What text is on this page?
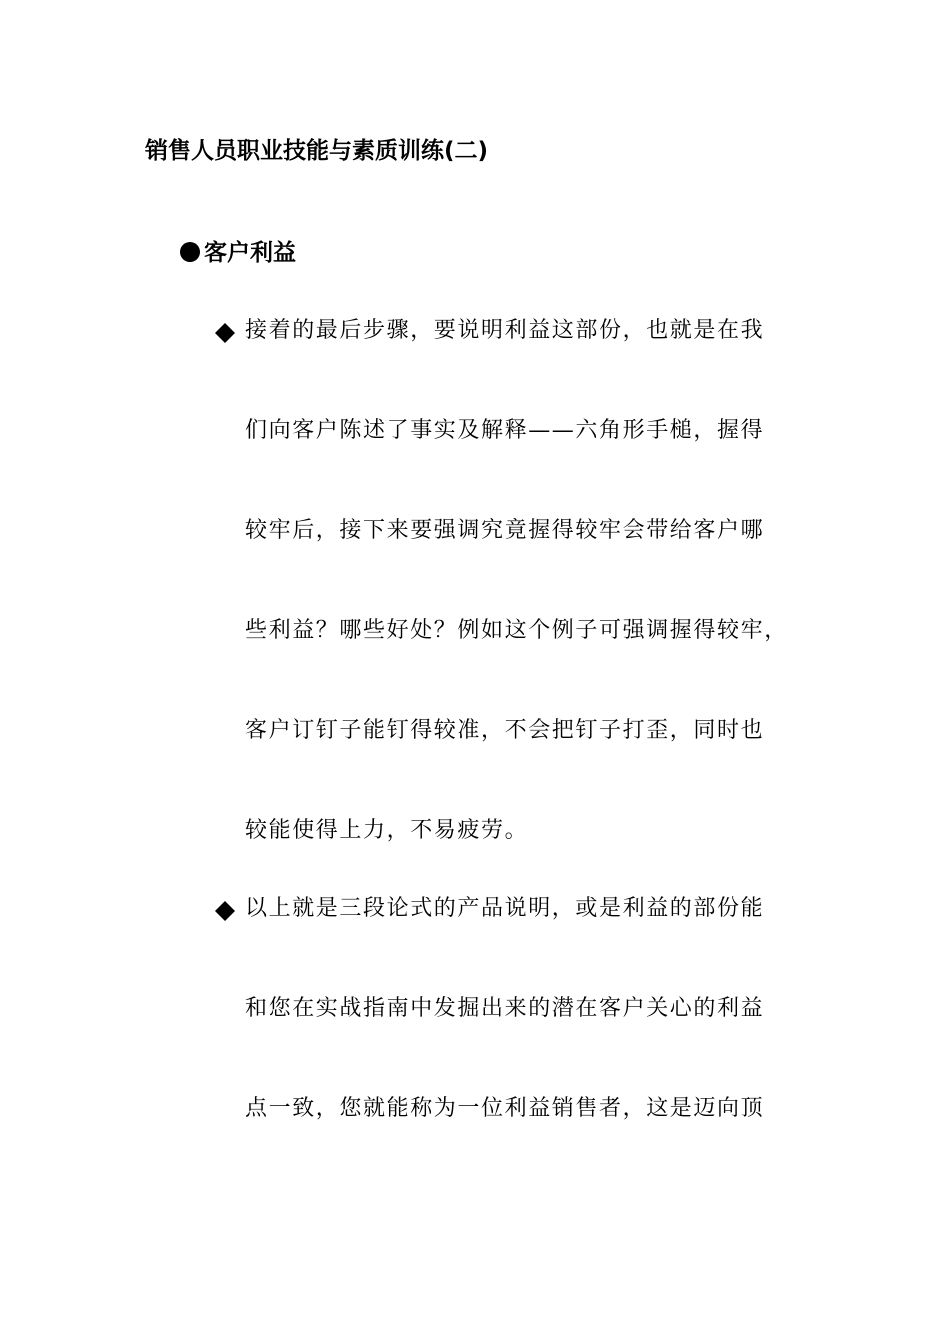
销售人员职业技能与素质训练(二)
客户利益
接着的最后步骤，要说明利益这部份，也就是在我
们向客户陈述了事实及解释——六角形手槌，握得
较牢后，接下来要强调究竟握得较牢会带给客户哪
些利益？哪些好处？例如这个例子可强调握得较牢，
客户订钉子能钉得较准，不会把钉子打歪，同时也
较能使得上力，不易疲劳。
以上就是三段论式的产品说明，或是利益的部份能
和您在实战指南中发掘出来的潜在客户关心的利益
点一致，您就能称为一位利益销售者，这是迈向顶
